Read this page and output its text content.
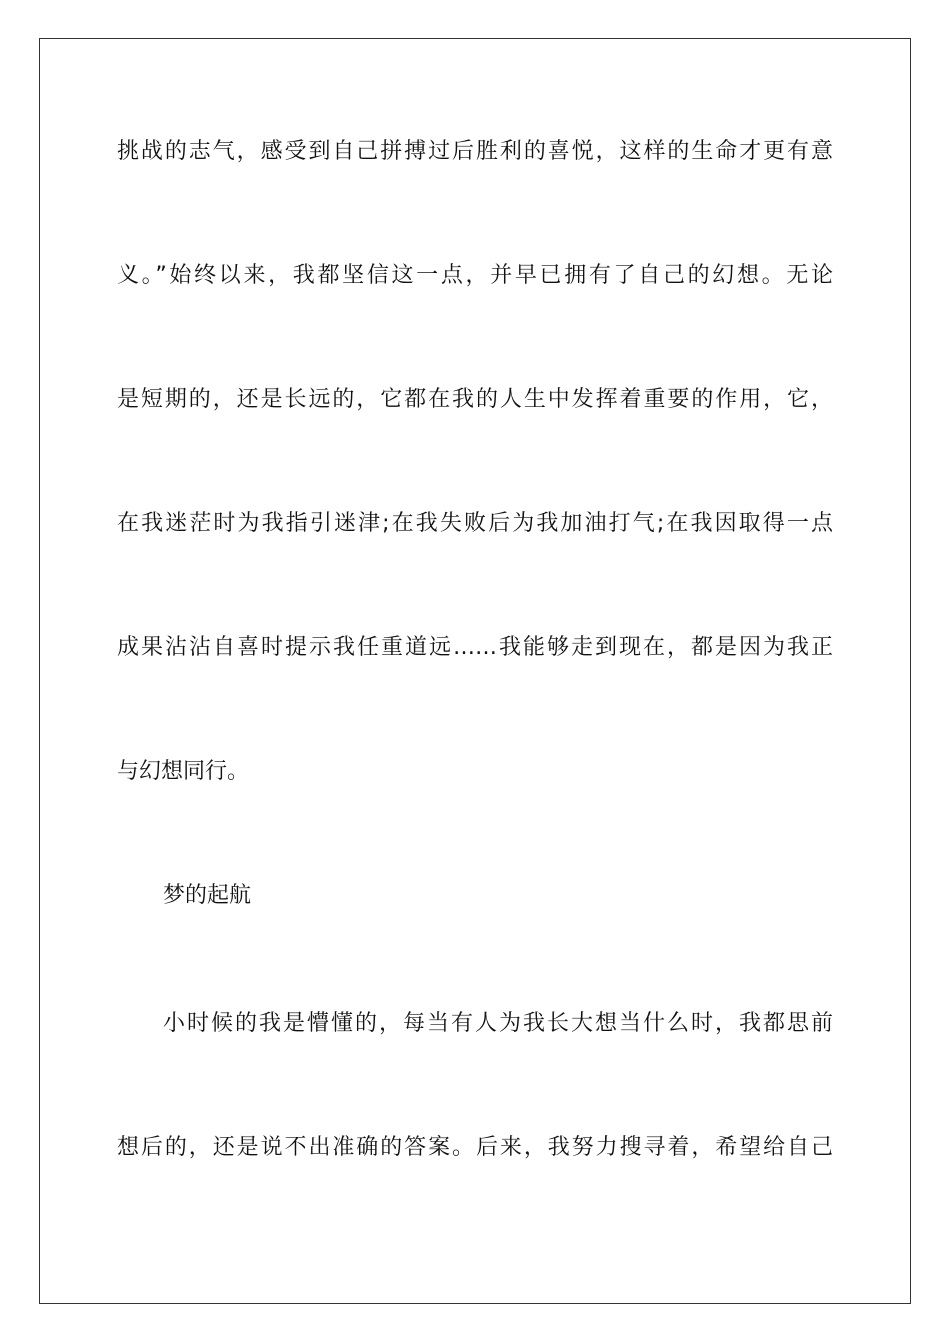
挑战的志气，感受到自己拼搏过后胜利的喜悦，这样的生命才更有意
义。”始终以来，我都坚信这一点，并早已拥有了自己的幻想。无论
是短期的，还是长远的，它都在我的人生中发挥着重要的作用，它，
在我迷茫时为我指引迷津;在我失败后为我加油打气;在我因取得一点
成果沾沾自喜时提示我任重道远……我能够走到现在，都是因为我正
与幻想同行。
梦的起航
小时候的我是懵懂的，每当有人为我长大想当什么时，我都思前
想后的，还是说不出准确的答案。后来，我努力搜寻着，希望给自己
